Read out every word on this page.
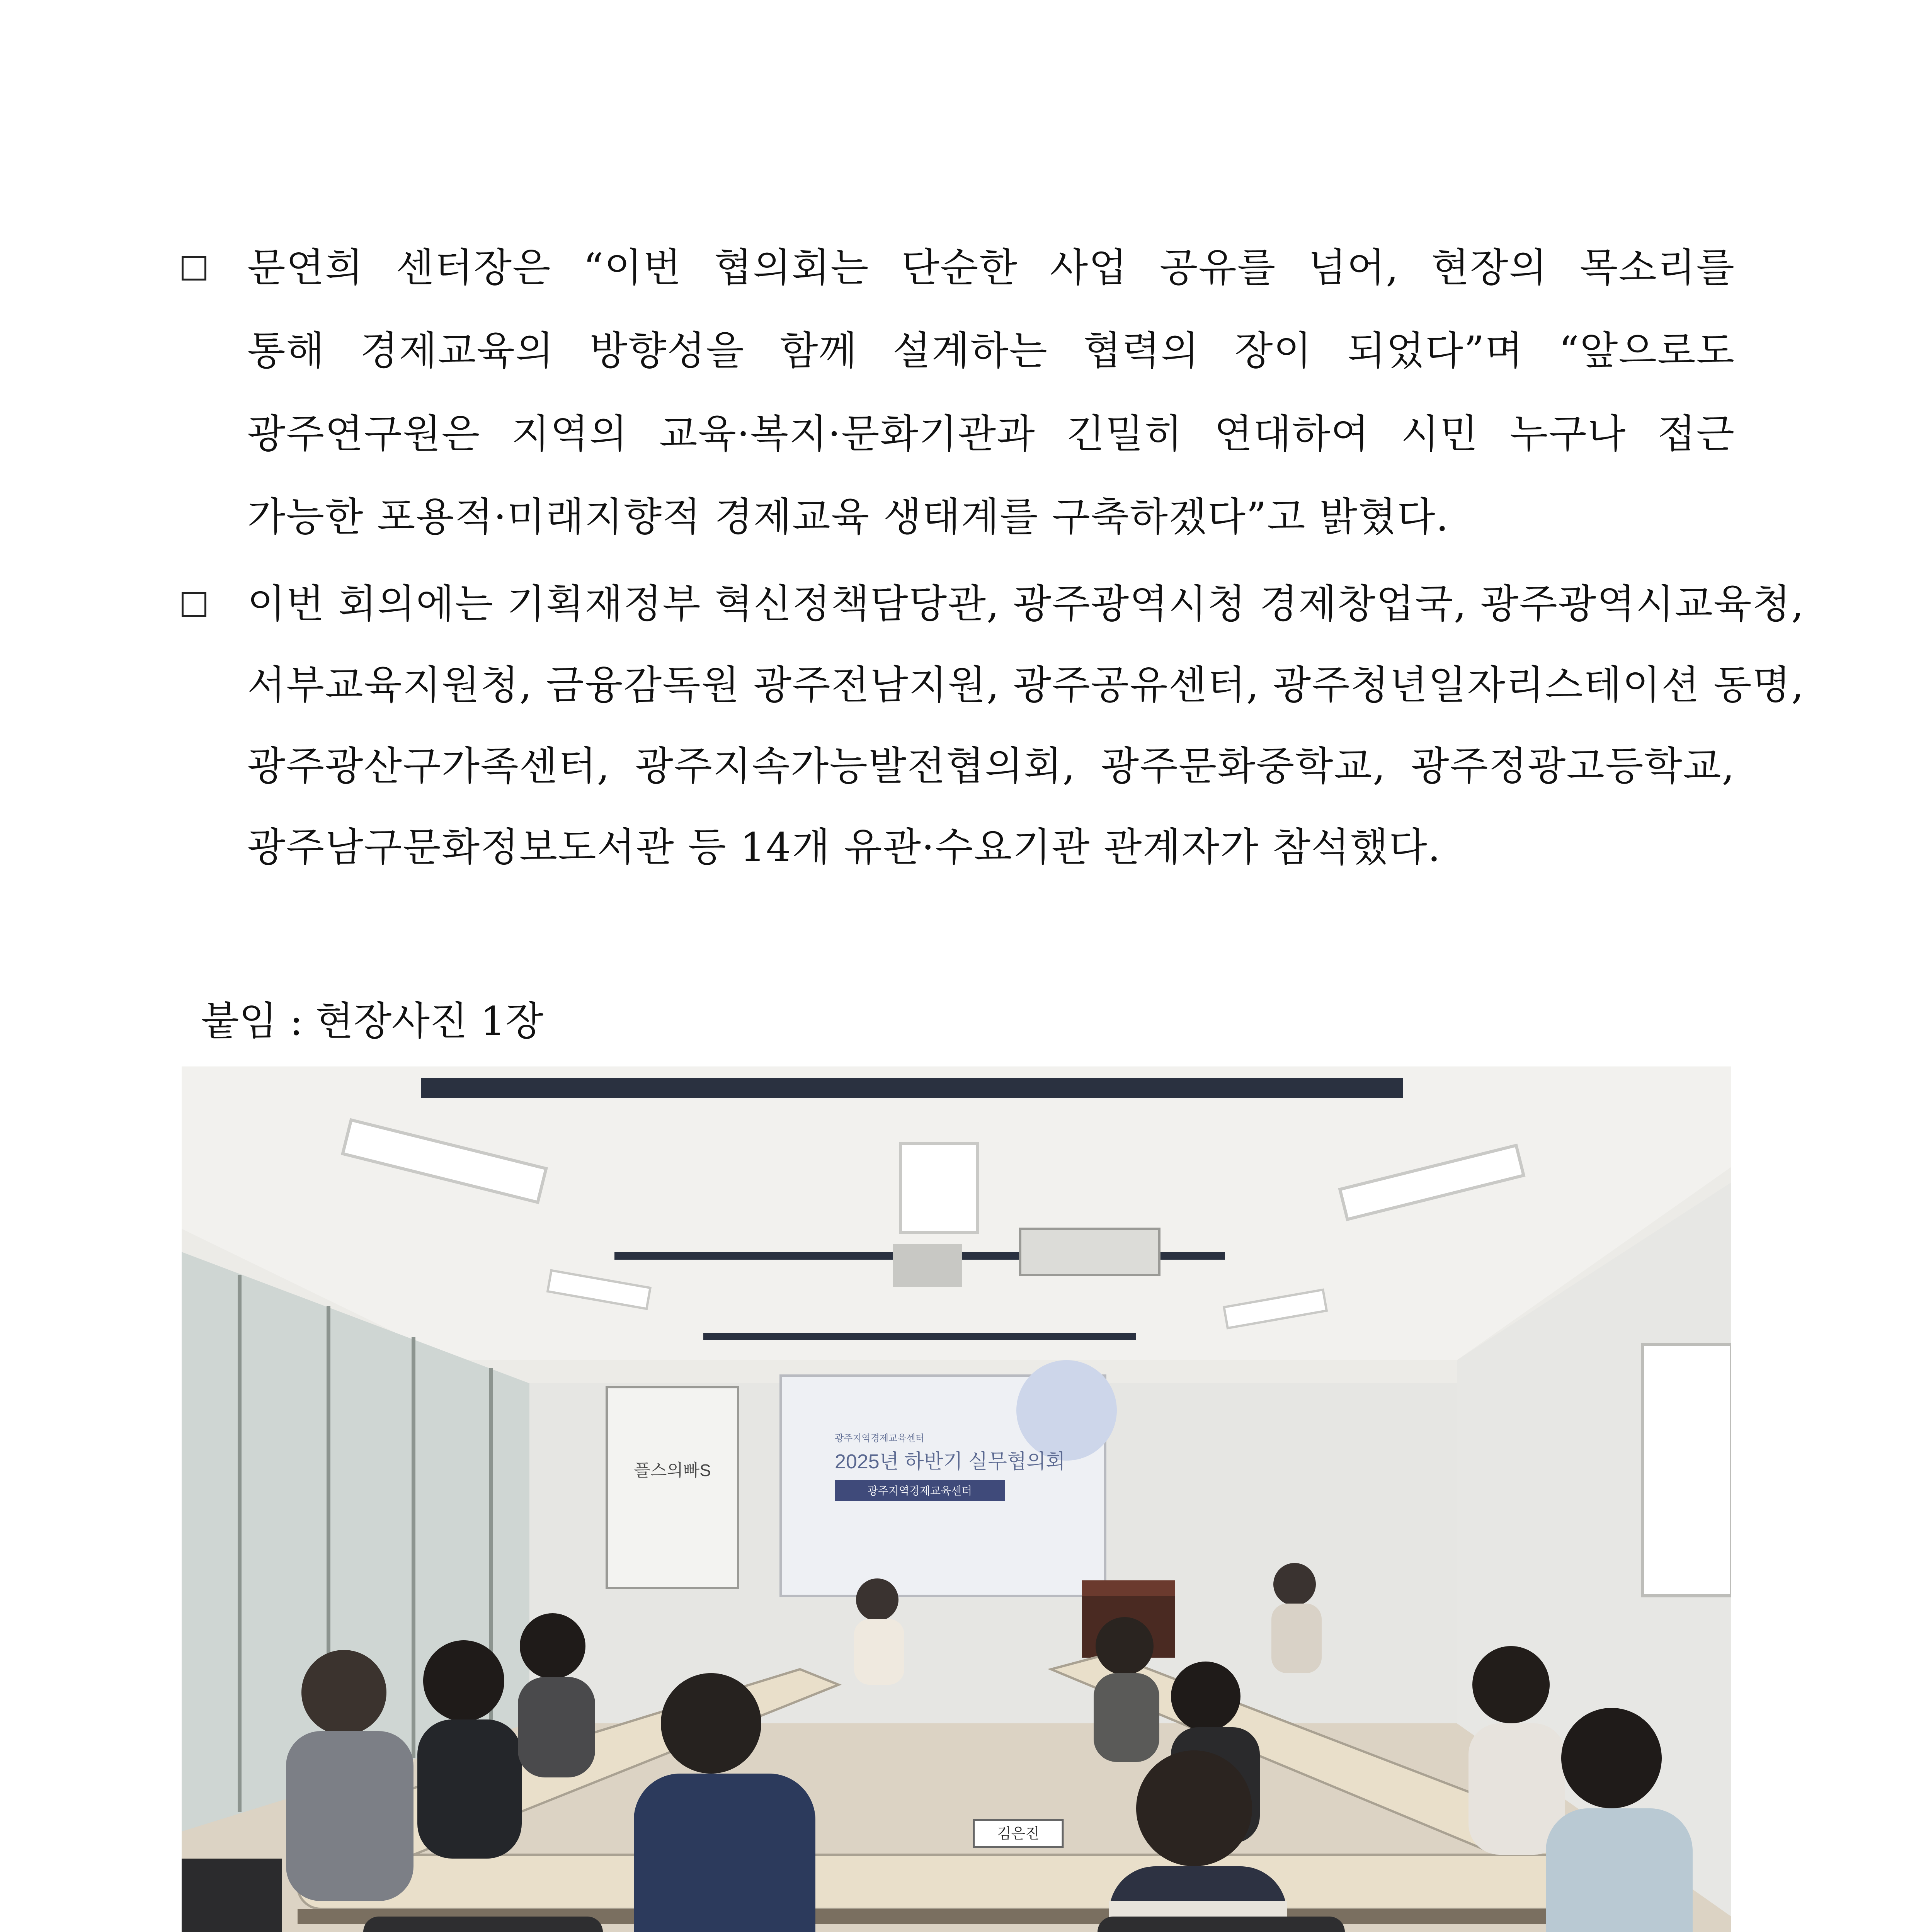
문연희 센터장은 “이번 협의회는 단순한 사업 공유를 넘어, 현장의 목소리를
통해 경제교육의 방향성을 함께 설계하는 협력의 장이 되었다”며 “앞으로도
광주연구원은 지역의 교육·복지·문화기관과 긴밀히 연대하여 시민 누구나 접근
가능한 포용적·미래지향적 경제교육 생태계를 구축하겠다”고 밝혔다.
이번 회의에는 기획재정부 혁신정책담당관, 광주광역시청 경제창업국, 광주광역시교육청,
서부교육지원청, 금융감독원 광주전남지원, 광주공유센터, 광주청년일자리스테이션 동명,
광주광산구가족센터, 광주지속가능발전협의회, 광주문화중학교, 광주정광고등학교,
광주남구문화정보도서관 등 14개 유관·수요기관 관계자가 참석했다.
붙임 : 현장사진 1장
플스의빠S
광주지역경제교육센터
2025년 하반기 실무협의회
광주지역경제교육센터
김은진
